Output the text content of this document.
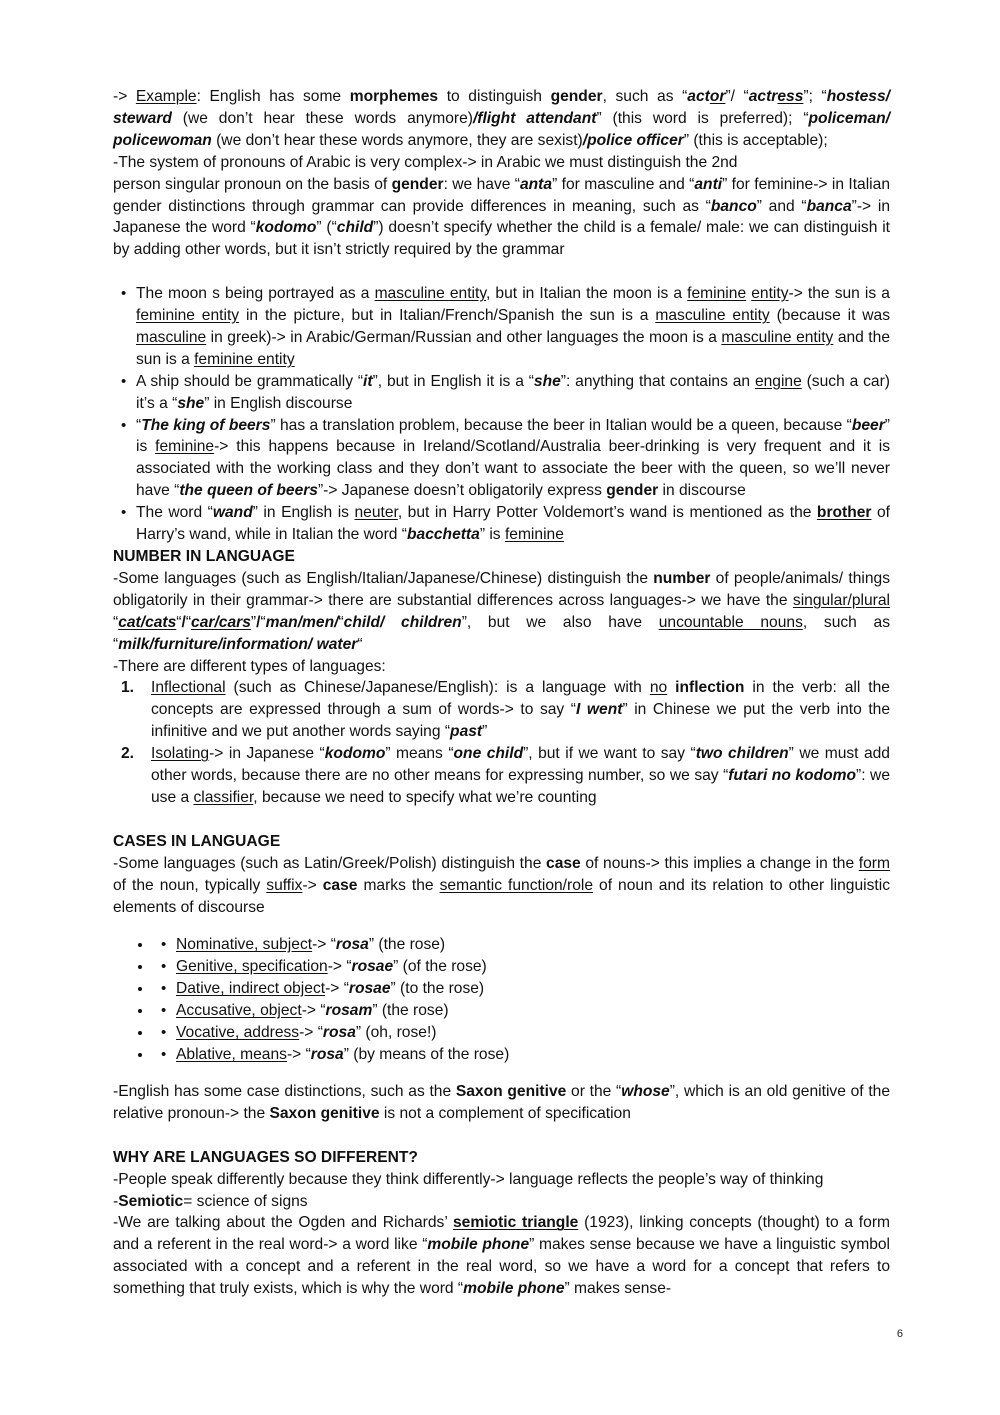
-> Example: English has some morphemes to distinguish gender, such as “actor”/ “actress”; “hostess/ steward (we don’t hear these words anymore)/flight attendant” (this word is preferred); “policeman/ policewoman (we don’t hear these words anymore, they are sexist)/police officer” (this is acceptable);

-The system of pronouns of Arabic is very complex-> in Arabic we must distinguish the 2nd

person singular pronoun on the basis of gender: we have “anta” for masculine and “anti” for feminine-> in Italian gender distinctions through grammar can provide differences in meaning, such as “banco” and “banca”-> in Japanese the word “kodomo” (“child”) doesn’t specify whether the child is a female/ male: we can distinguish it by adding other words, but it isn’t strictly required by the grammar

• The moon s being portrayed as a masculine entity, but in Italian the moon is a feminine entity-> the sun is a feminine entity in the picture, but in Italian/French/Spanish the sun is a masculine entity (because it was masculine in greek)-> in Arabic/German/Russian and other languages the moon is a masculine entity and the sun is a feminine entity
• A ship should be grammatically “it”, but in English it is a “she”: anything that contains an engine (such a car) it’s a “she” in English discourse
• “The king of beers” has a translation problem, because the beer in Italian would be a queen, because “beer” is feminine-> this happens because in Ireland/Scotland/Australia beer-drinking is very frequent and it is associated with the working class and they don’t want to associate the beer with the queen, so we’ll never have “the queen of beers”-> Japanese doesn’t obligatorily express gender in discourse
• The word “wand” in English is neuter, but in Harry Potter Voldemort’s wand is mentioned as the brother of Harry’s wand, while in Italian the word “bacchetta” is feminine

NUMBER IN LANGUAGE

-Some languages (such as English/Italian/Japanese/Chinese) distinguish the number of people/animals/ things obligatorily in their grammar-> there are substantial differences across languages-> we have the singular/plural “cat/cats“/“car/cars”/“man/men/“child/ children”, but we also have uncountable nouns, such as “milk/furniture/information/ water“

-There are different types of languages:

1. Inflectional (such as Chinese/Japanese/English): is a language with no inflection in the verb: all the concepts are expressed through a sum of words-> to say “I went” in Chinese we put the verb into the infinitive and we put another words saying “past”
2. Isolating-> in Japanese “kodomo” means “one child”, but if we want to say “two children” we must add other words, because there are no other means for expressing number, so we say “futari no kodomo”: we use a classifier, because we need to specify what we’re counting

CASES IN LANGUAGE

-Some languages (such as Latin/Greek/Polish) distinguish the case of nouns-> this implies a change in the form of the noun, typically suffix-> case marks the semantic function/role of noun and its relation to other linguistic elements of discourse

• • Nominative, subject-> “rosa” (the rose)
• • Genitive, specification-> “rosae” (of the rose)
• • Dative, indirect object-> “rosae” (to the rose)
• • Accusative, object-> “rosam” (the rose)
• • Vocative, address-> “rosa” (oh, rose!)
• • Ablative, means-> “rosa” (by means of the rose)

-English has some case distinctions, such as the Saxon genitive or the “whose”, which is an old genitive of the relative pronoun-> the Saxon genitive is not a complement of specification

WHY ARE LANGUAGES SO DIFFERENT?

-People speak differently because they think differently-> language reflects the people’s way of thinking

-Semiotic= science of signs

-We are talking about the Ogden and Richards’ semiotic triangle (1923), linking concepts (thought) to a form and a referent in the real word-> a word like “mobile phone” makes sense because we have a linguistic symbol associated with a concept and a referent in the real word, so we have a word for a concept that refers to something that truly exists, which is why the word “mobile phone” makes sense-

6
